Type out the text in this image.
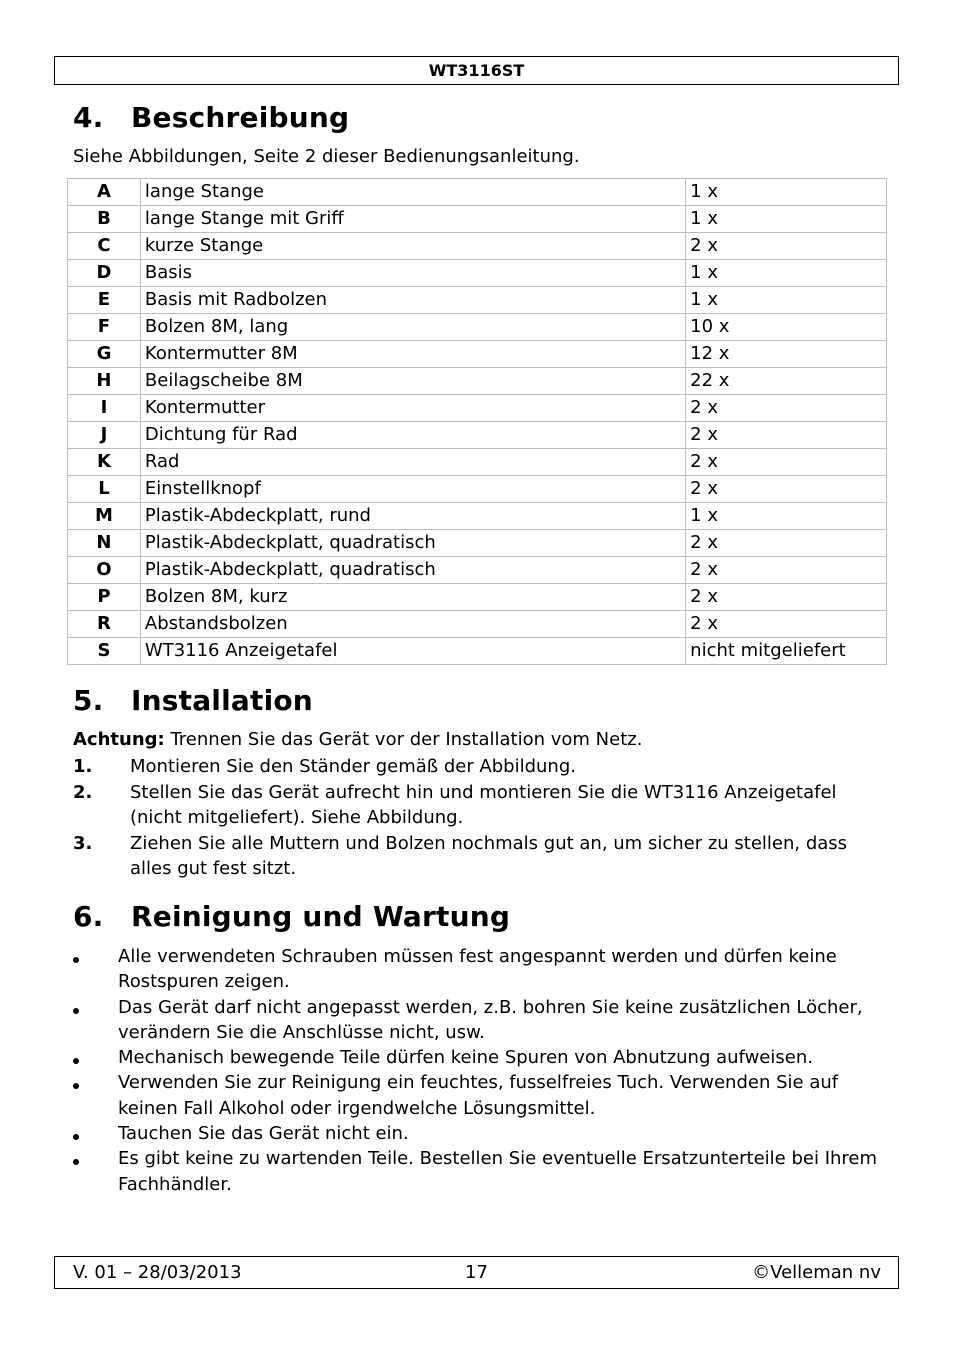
WT3116ST
4. Beschreibung
Siehe Abbildungen, Seite 2 dieser Bedienungsanleitung.
A	lange Stange	1 x
B	lange Stange mit Griff	1 x
C	kurze Stange	2 x
D	Basis	1 x
E	Basis mit Radbolzen	1 x
F	Bolzen 8M, lang	10 x
G	Kontermutter 8M	12 x
H	Beilagscheibe 8M	22 x
I	Kontermutter	2 x
J	Dichtung für Rad	2 x
K	Rad	2 x
L	Einstellknopf	2 x
M	Plastik-Abdeckplatt, rund	1 x
N	Plastik-Abdeckplatt, quadratisch	2 x
O	Plastik-Abdeckplatt, quadratisch	2 x
P	Bolzen 8M, kurz	2 x
R	Abstandsbolzen	2 x
S	WT3116 Anzeigetafel	nicht mitgeliefert
5. Installation
Achtung: Trennen Sie das Gerät vor der Installation vom Netz.
1. Montieren Sie den Ständer gemäß der Abbildung.
2. Stellen Sie das Gerät aufrecht hin und montieren Sie die WT3116 Anzeigetafel (nicht mitgeliefert). Siehe Abbildung.
3. Ziehen Sie alle Muttern und Bolzen nochmals gut an, um sicher zu stellen, dass alles gut fest sitzt.
6. Reinigung und Wartung
Alle verwendeten Schrauben müssen fest angespannt werden und dürfen keine Rostspuren zeigen.
Das Gerät darf nicht angepasst werden, z.B. bohren Sie keine zusätzlichen Löcher, verändern Sie die Anschlüsse nicht, usw.
Mechanisch bewegende Teile dürfen keine Spuren von Abnutzung aufweisen.
Verwenden Sie zur Reinigung ein feuchtes, fusselfreies Tuch. Verwenden Sie auf keinen Fall Alkohol oder irgendwelche Lösungsmittel.
Tauchen Sie das Gerät nicht ein.
Es gibt keine zu wartenden Teile. Bestellen Sie eventuelle Ersatzunterteile bei Ihrem Fachhändler.
V. 01 – 28/03/2013	17	©Velleman nv
